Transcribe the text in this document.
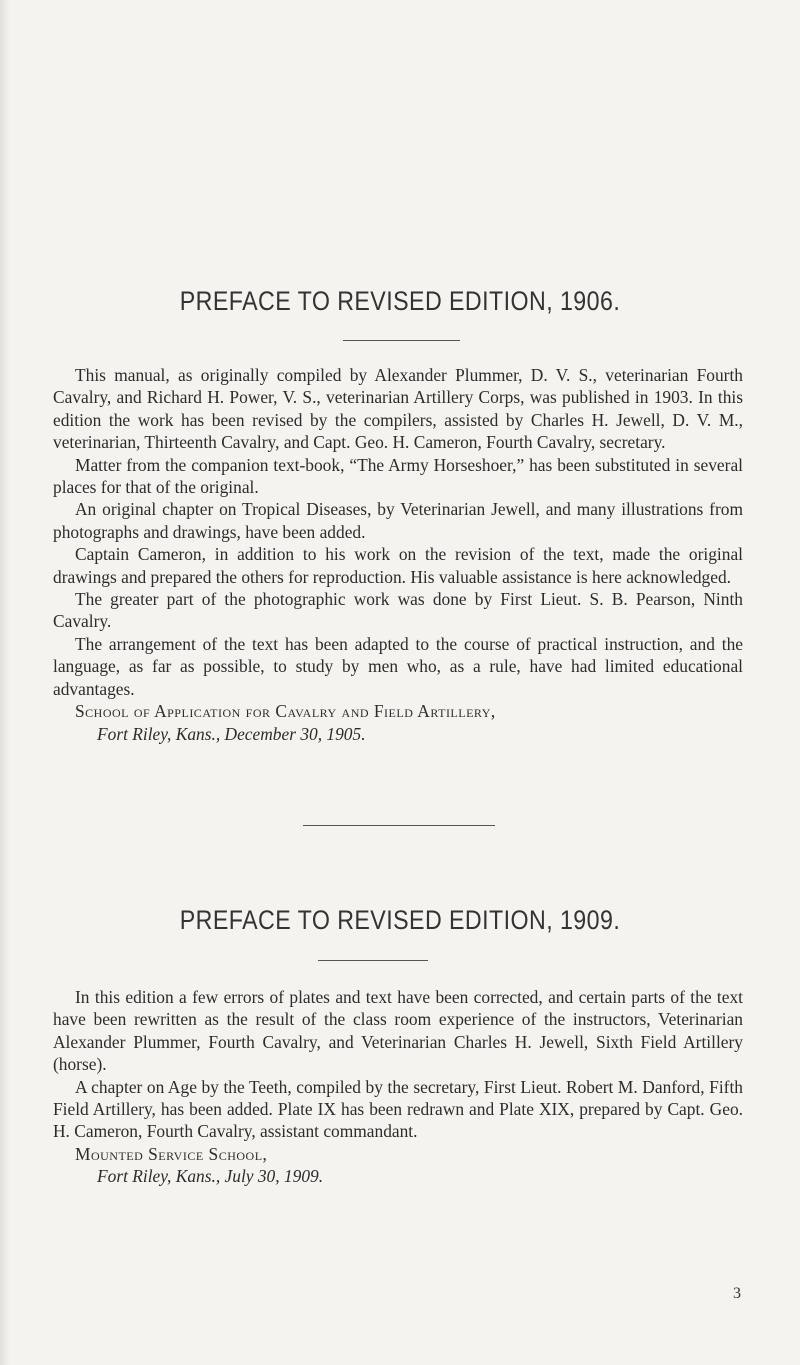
PREFACE TO REVISED EDITION, 1906.

This manual, as originally compiled by Alexander Plummer, D. V. S., veterinarian Fourth Cavalry, and Richard H. Power, V. S., veterinarian Artillery Corps, was published in 1903. In this edition the work has been revised by the compilers, assisted by Charles H. Jewell, D. V. M., veterinarian, Thirteenth Cavalry, and Capt. Geo. H. Cameron, Fourth Cavalry, secretary.

Matter from the companion text-book, “The Army Horseshoer,” has been substituted in several places for that of the original.

An original chapter on Tropical Diseases, by Veterinarian Jewell, and many illustrations from photographs and drawings, have been added.

Captain Cameron, in addition to his work on the revision of the text, made the original drawings and prepared the others for reproduction. His valuable assistance is here acknowledged.

The greater part of the photographic work was done by First Lieut. S. B. Pearson, Ninth Cavalry.

The arrangement of the text has been adapted to the course of practical instruction, and the language, as far as possible, to study by men who, as a rule, have had limited educational advantages.

School of Application for Cavalry and Field Artillery,

Fort Riley, Kans., December 30, 1905.

PREFACE TO REVISED EDITION, 1909.

In this edition a few errors of plates and text have been corrected, and certain parts of the text have been rewritten as the result of the class room experience of the instructors, Veterinarian Alexander Plummer, Fourth Cavalry, and Veterinarian Charles H. Jewell, Sixth Field Artillery (horse).

A chapter on Age by the Teeth, compiled by the secretary, First Lieut. Robert M. Danford, Fifth Field Artillery, has been added. Plate IX has been redrawn and Plate XIX, prepared by Capt. Geo. H. Cameron, Fourth Cavalry, assistant commandant.

Mounted Service School,

Fort Riley, Kans., July 30, 1909.

3
